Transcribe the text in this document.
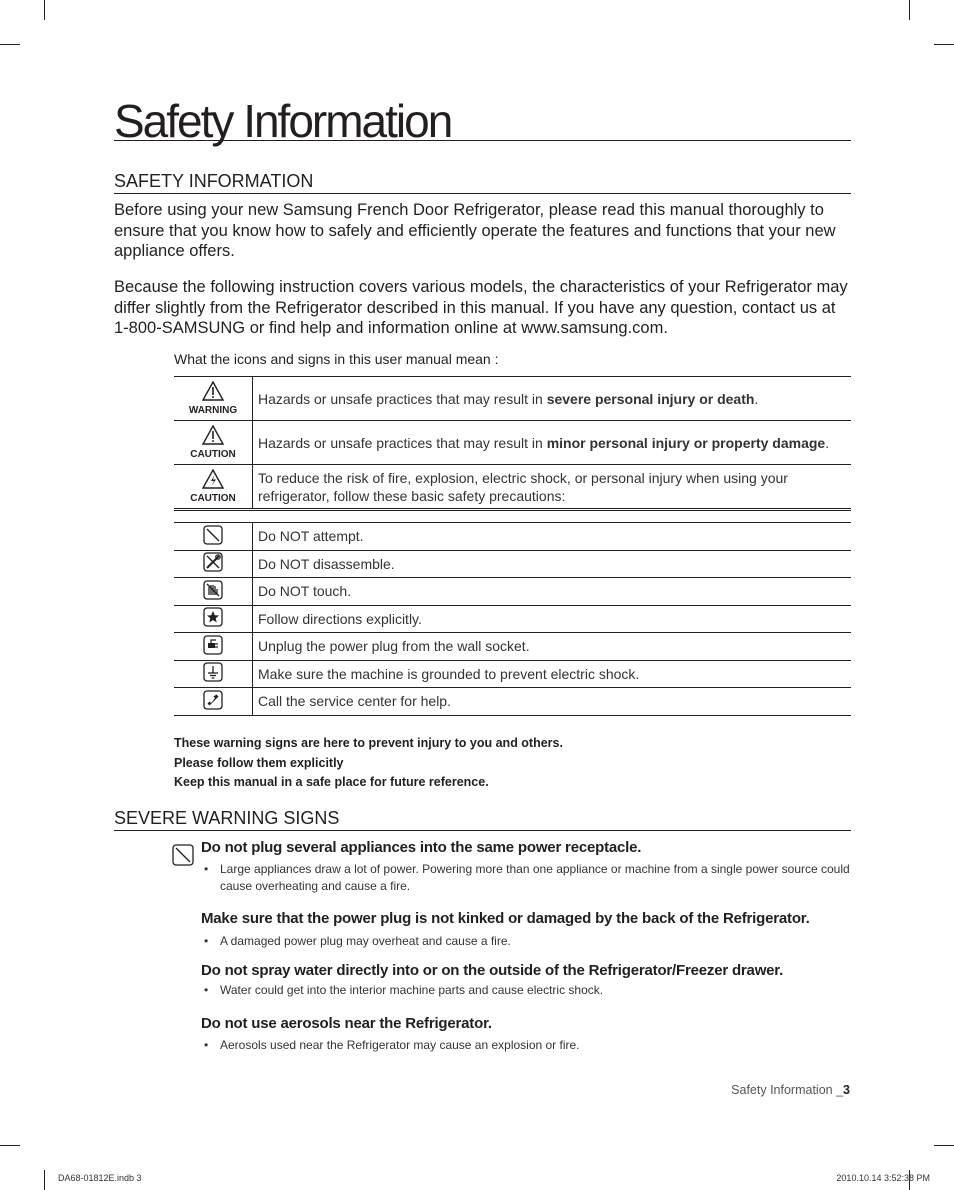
Safety Information
SAFETY INFORMATION

Before using your new Samsung French Door Refrigerator, please read this manual thoroughly to ensure that you know how to safely and efficiently operate the features and functions that your new appliance offers.

Because the following instruction covers various models, the characteristics of your Refrigerator may differ slightly from the Refrigerator described in this manual. If you have any question, contact us at 1-800-SAMSUNG or find help and information online at www.samsung.com.

What the icons and signs in this user manual mean :
WARNING	Hazards or unsafe practices that may result in severe personal injury or death.

CAUTION	Hazards or unsafe practices that may result in minor personal injury or property damage.

CAUTION	To reduce the risk of fire, explosion, electric shock, or personal injury when using your refrigerator, follow these basic safety precautions:

	Do NOT attempt.
	Do NOT disassemble.
	Do NOT touch.
	Follow directions explicitly.
	Unplug the power plug from the wall socket.
	Make sure the machine is grounded to prevent electric shock.
	Call the service center for help.
These warning signs are here to prevent injury to you and others.
Please follow them explicitly
Keep this manual in a safe place for future reference.
SEVERE WARNING SIGNS
Do not plug several appliances into the same power receptacle.
• Large appliances draw a lot of power. Powering more than one appliance or machine from a single power source could cause overheating and cause a fire.
Make sure that the power plug is not kinked or damaged by the back of the Refrigerator.
• A damaged power plug may overheat and cause a fire.
Do not spray water directly into or on the outside of the Refrigerator/Freezer drawer.
• Water could get into the interior machine parts and cause electric shock.
Do not use aerosols near the Refrigerator.
• Aerosols used near the Refrigerator may cause an explosion or fire.
Safety Information _3
DA68-01812E.indb 3	2010.10.14 3:52:38 PM
